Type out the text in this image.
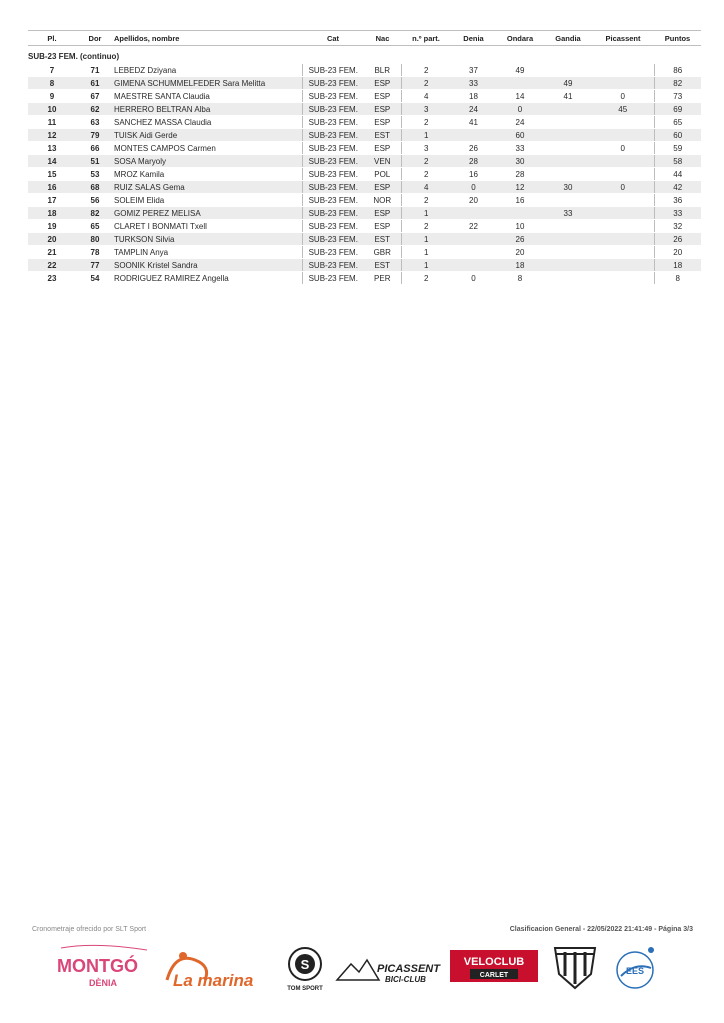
Pl.	Dor	Apellidos, nombre	Cat	Nac	n.º part.	Denia	Ondara	Gandia	Picassent	Puntos
SUB-23 FEM. (continuo)										
7	71	LEBEDZ Dziyana	SUB-23 FEM.	BLR	2	37	49			86
8	61	GIMENA SCHUMMELFEDER Sara Melitta	SUB-23 FEM.	ESP	2	33		49		82
9	67	MAESTRE SANTA Claudia	SUB-23 FEM.	ESP	4	18	14	41	0	73
10	62	HERRERO BELTRAN Alba	SUB-23 FEM.	ESP	3	24	0		45	69
11	63	SANCHEZ MASSA Claudia	SUB-23 FEM.	ESP	2	41	24			65
12	79	TUISK Aidi Gerde	SUB-23 FEM.	EST	1		60			60
13	66	MONTES CAMPOS Carmen	SUB-23 FEM.	ESP	3	26	33		0	59
14	51	SOSA Maryoly	SUB-23 FEM.	VEN	2	28	30			58
15	53	MROZ Kamila	SUB-23 FEM.	POL	2	16	28			44
16	68	RUIZ SALAS Gema	SUB-23 FEM.	ESP	4	0	12	30	0	42
17	56	SOLEIM Elida	SUB-23 FEM.	NOR	2	20	16			36
18	82	GOMIZ PEREZ MELISA	SUB-23 FEM.	ESP	1			33		33
19	65	CLARET I BONMATI Txell	SUB-23 FEM.	ESP	2	22	10			32
20	80	TURKSON Silvia	SUB-23 FEM.	EST	1		26			26
21	78	TAMPLIN Anya	SUB-23 FEM.	GBR	1		20			20
22	77	SOONIK Kristel Sandra	SUB-23 FEM.	EST	1		18			18
23	54	RODRIGUEZ RAMIREZ Angella	SUB-23 FEM.	PER	2	0	8			8
Cronometraje ofrecido por SLT Sport	Clasificacion General - 22/05/2022 21:41:49 - Página 3/3
MONTGÓ
DÈNIA	La marina
S
TOM SPORT
PICASSENT
BICI-CLUB
VELOCLUB
CARLET	EES
